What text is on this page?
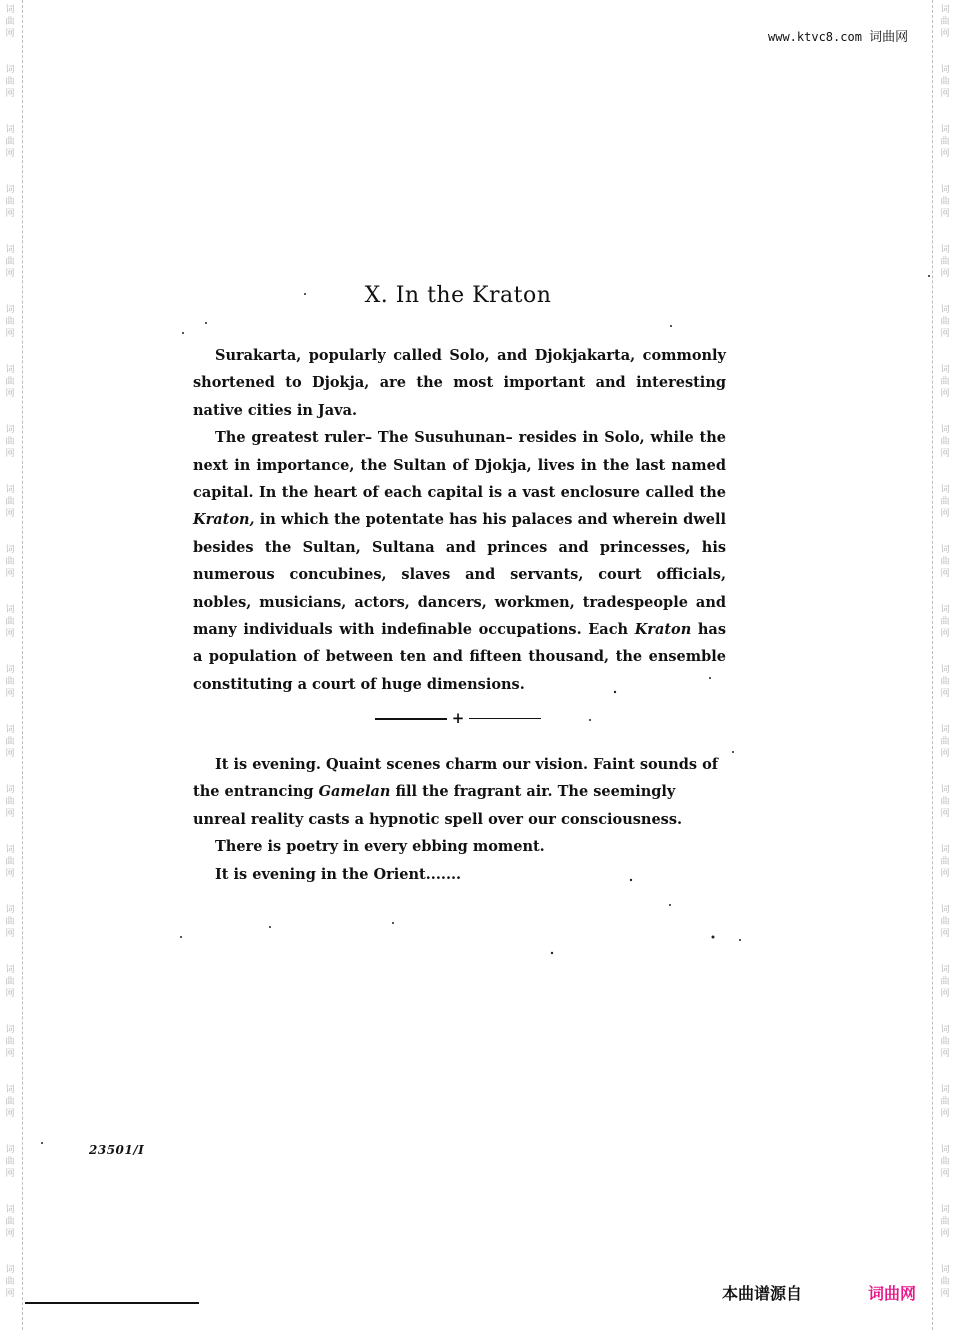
词
曲
网
词
曲
网
词
曲
网
词
曲
网
词
曲
网
词
曲
网
词
曲
网
词
曲
网
词
曲
网
词
曲
网
词
曲
网
词
曲
网
词
曲
网
词
曲
网
词
曲
网
词
曲
网
词
曲
网
词
曲
网
词
曲
网
词
曲
网
词
曲
网
词
曲
网
词
曲
网
词
曲
网
词
曲
网
词
曲
网
词
曲
网
词
曲
网
词
曲
网
词
曲
网
词
曲
网
词
曲
网
词
曲
网
词
曲
网
词
曲
网
词
曲
网
词
曲
网
词
曲
网
词
曲
网
词
曲
网
词
曲
网
词
曲
网
词
曲
网
词
曲
网
www.ktvc8.com 词曲网
X. In the Kraton

Surakarta, popularly called Solo, and Djokjakarta, commonly shortened to Djokja, are the most important and interesting native cities in Java.

The greatest ruler– The Susuhunan– resides in Solo, while the next in importance, the Sultan of Djokja, lives in the last named capital. In the heart of each capital is a vast enclosure called the Kraton, in which the potentate has his palaces and wherein dwell besides the Sultan, Sultana and princes and princesses, his numerous concubines, slaves and servants, court officials, nobles, musicians, actors, dancers, workmen, tradespeople and many individuals with indefinable occupations. Each Kraton has a population of between ten and fifteen thousand, the ensemble constituting a court of huge dimensions.

+

It is evening. Quaint scenes charm our vision. Faint sounds of the entrancing Gamelan fill the fragrant air. The seemingly unreal reality casts a hypnotic spell over our consciousness.

There is poetry in every ebbing moment.

It is evening in the Orient.......

23501/I
本曲谱源自	词曲网
